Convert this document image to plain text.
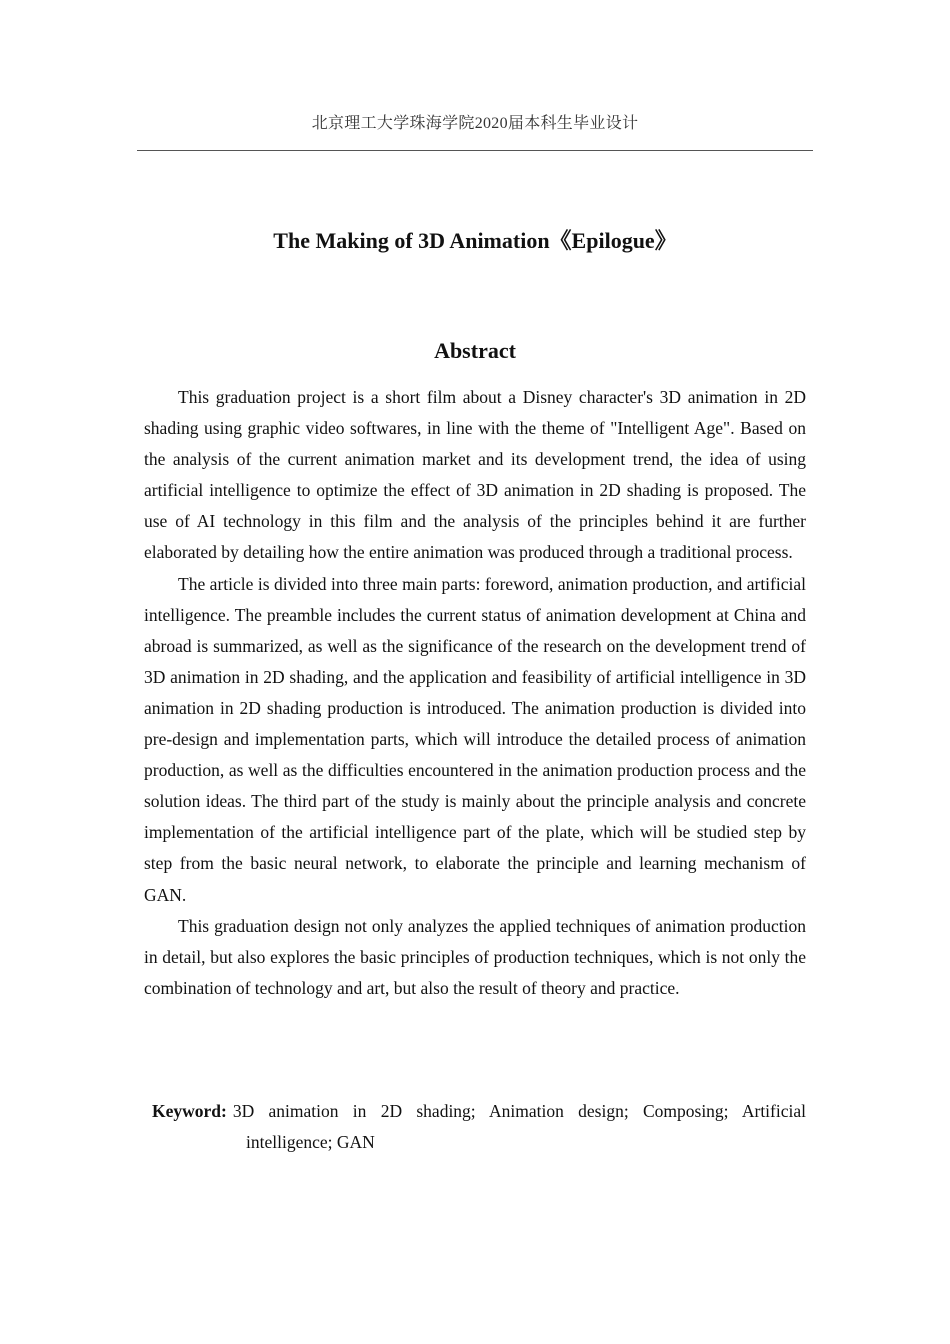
北京理工大学珠海学院2020届本科生毕业设计
The Making of 3D Animation《Epilogue》
Abstract

This graduation project is a short film about a Disney character's 3D animation in 2D shading using graphic video softwares, in line with the theme of "Intelligent Age". Based on the analysis of the current animation market and its development trend, the idea of using artificial intelligence to optimize the effect of 3D animation in 2D shading is proposed. The use of AI technology in this film and the analysis of the principles behind it are further elaborated by detailing how the entire animation was produced through a traditional process.

The article is divided into three main parts: foreword, animation production, and artificial intelligence. The preamble includes the current status of animation development at China and abroad is summarized, as well as the significance of the research on the development trend of 3D animation in 2D shading, and the application and feasibility of artificial intelligence in 3D animation in 2D shading production is introduced. The animation production is divided into pre-design and implementation parts, which will introduce the detailed process of animation production, as well as the difficulties encountered in the animation production process and the solution ideas. The third part of the study is mainly about the principle analysis and concrete implementation of the artificial intelligence part of the plate, which will be studied step by step from the basic neural network, to elaborate the principle and learning mechanism of GAN.

This graduation design not only analyzes the applied techniques of animation production in detail, but also explores the basic principles of production techniques, which is not only the combination of technology and art, but also the result of theory and practice.

Keyword: 3D animation in 2D shading; Animation design; Composing; Artificial intelligence; GAN
